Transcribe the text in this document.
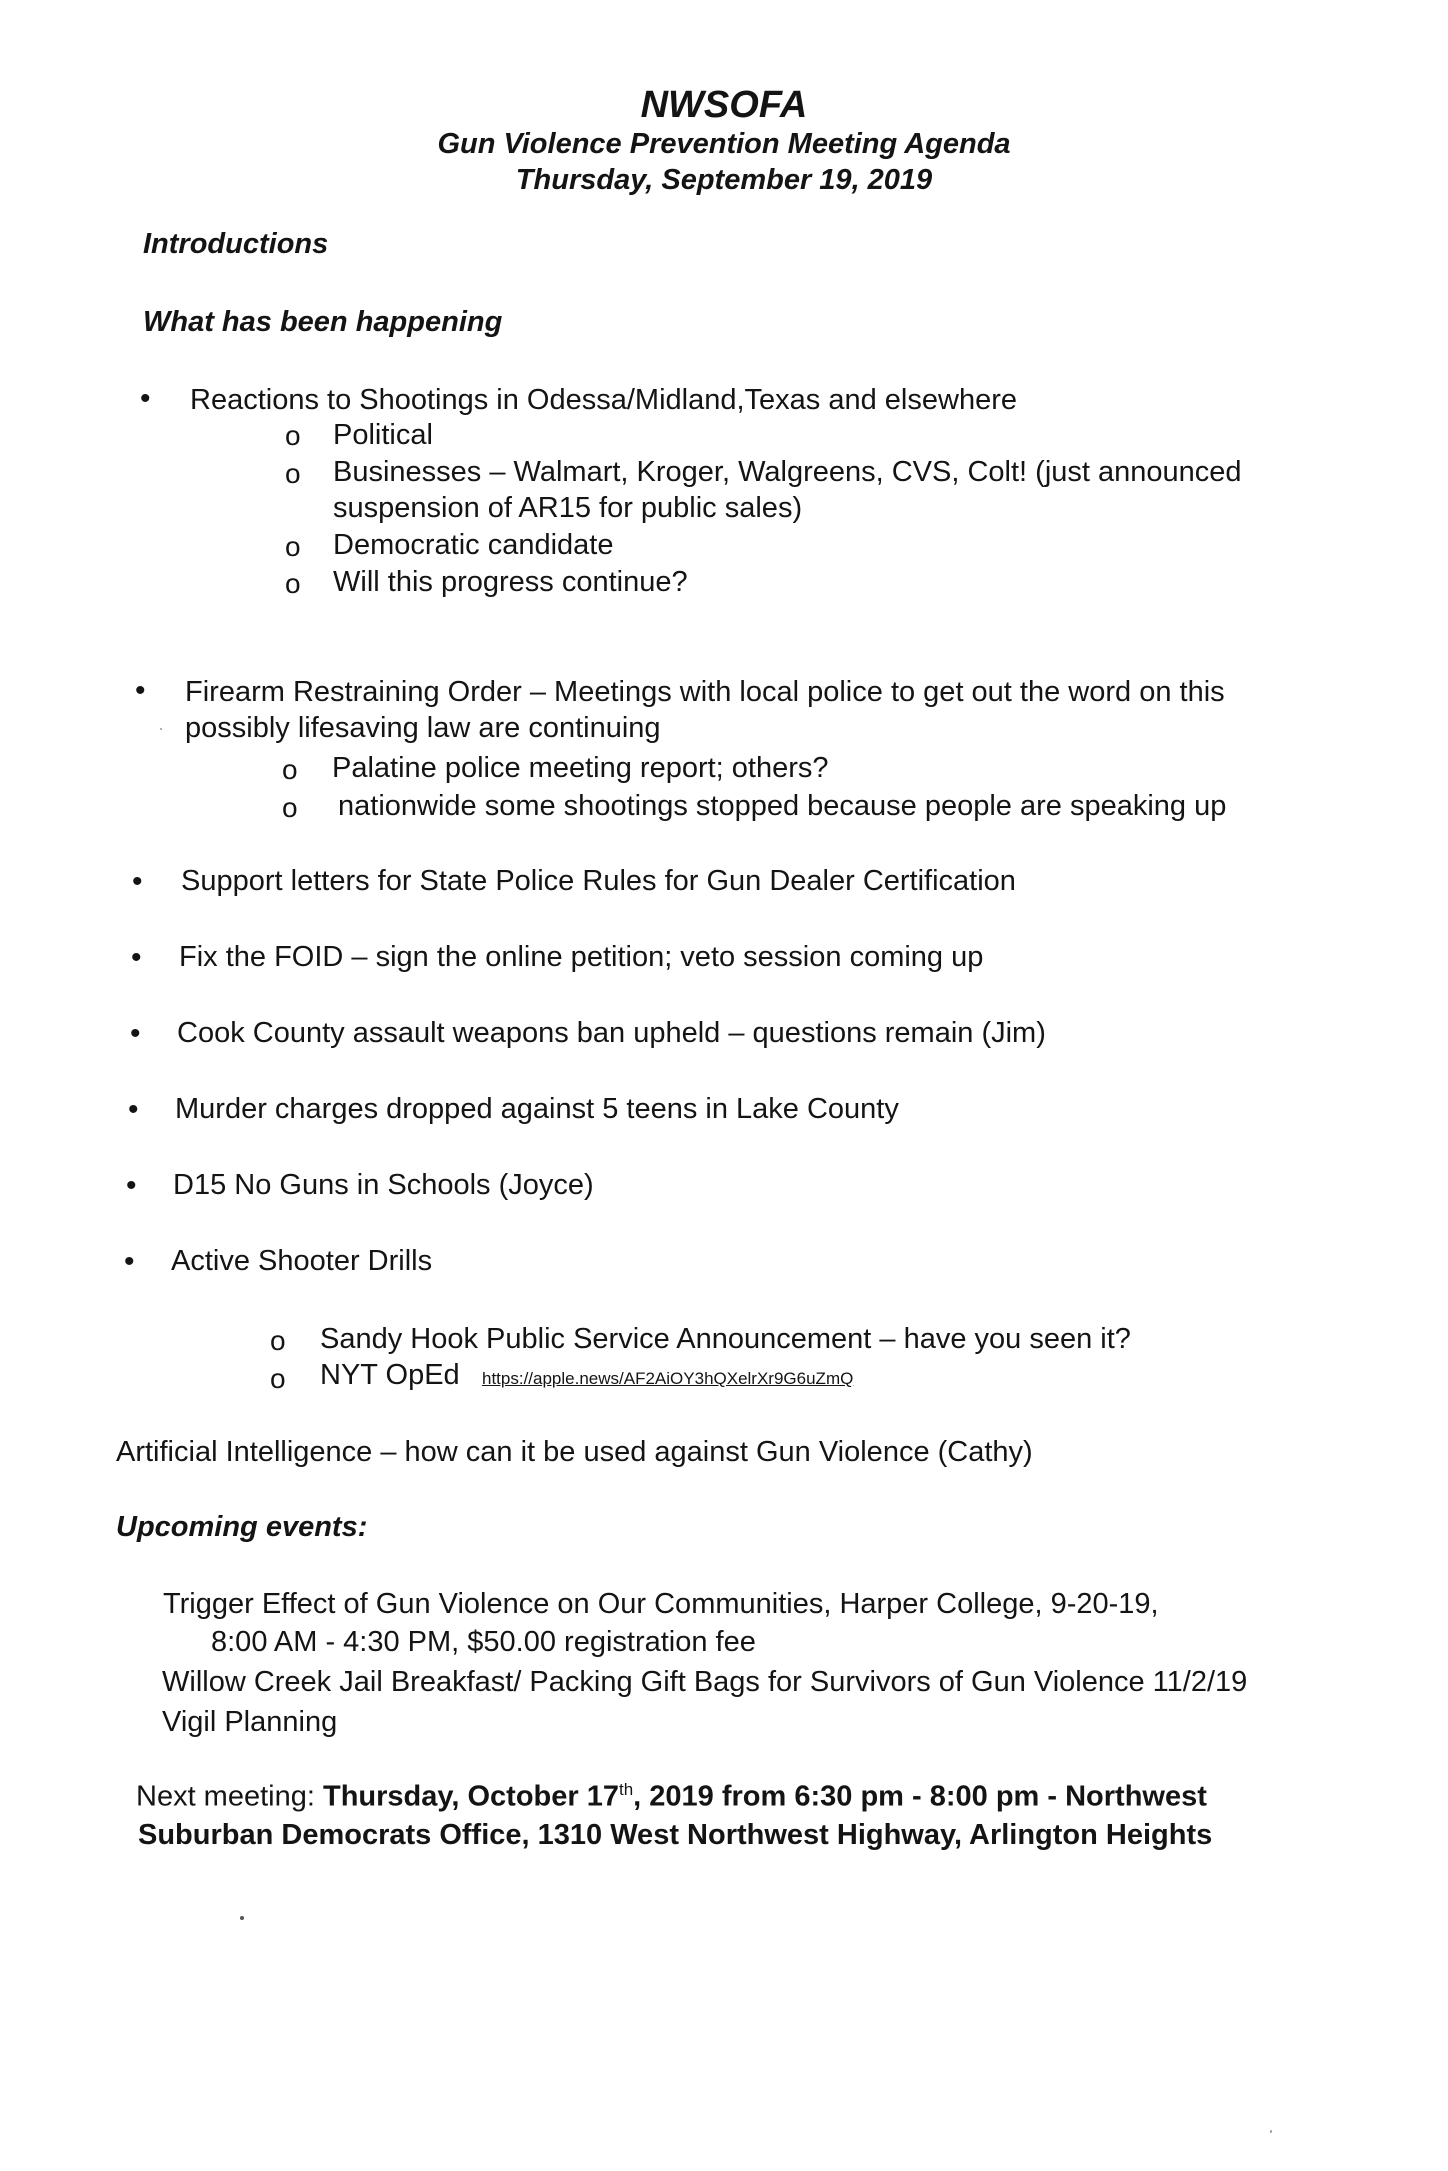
NWSOFA
Gun Violence Prevention Meeting Agenda
Thursday, September 19, 2019
Introductions
What has been happening
• Reactions to Shootings in Odessa/Midland,Texas and elsewhere
o Political
o Businesses – Walmart, Kroger, Walgreens, CVS, Colt! (just announced
suspension of AR15 for public sales)
o Democratic candidate
o Will this progress continue?
• Firearm Restraining Order – Meetings with local police to get out the word on this
possibly lifesaving law are continuing
o Palatine police meeting report; others?
o nationwide some shootings stopped because people are speaking up
• Support letters for State Police Rules for Gun Dealer Certification
• Fix the FOID – sign the online petition; veto session coming up
• Cook County assault weapons ban upheld – questions remain (Jim)
• Murder charges dropped against 5 teens in Lake County
• D15 No Guns in Schools (Joyce)
• Active Shooter Drills
o Sandy Hook Public Service Announcement – have you seen it?
o NYT OpEd https://apple.news/AF2AiOY3hQXelrXr9G6uZmQ
Artificial Intelligence – how can it be used against Gun Violence (Cathy)
Upcoming events:
Trigger Effect of Gun Violence on Our Communities, Harper College, 9-20-19,
8:00 AM - 4:30 PM, $50.00 registration fee
Willow Creek Jail Breakfast/ Packing Gift Bags for Survivors of Gun Violence 11/2/19
Vigil Planning
Next meeting: Thursday, October 17th, 2019 from 6:30 pm - 8:00 pm - Northwest
Suburban Democrats Office, 1310 West Northwest Highway, Arlington Heights
